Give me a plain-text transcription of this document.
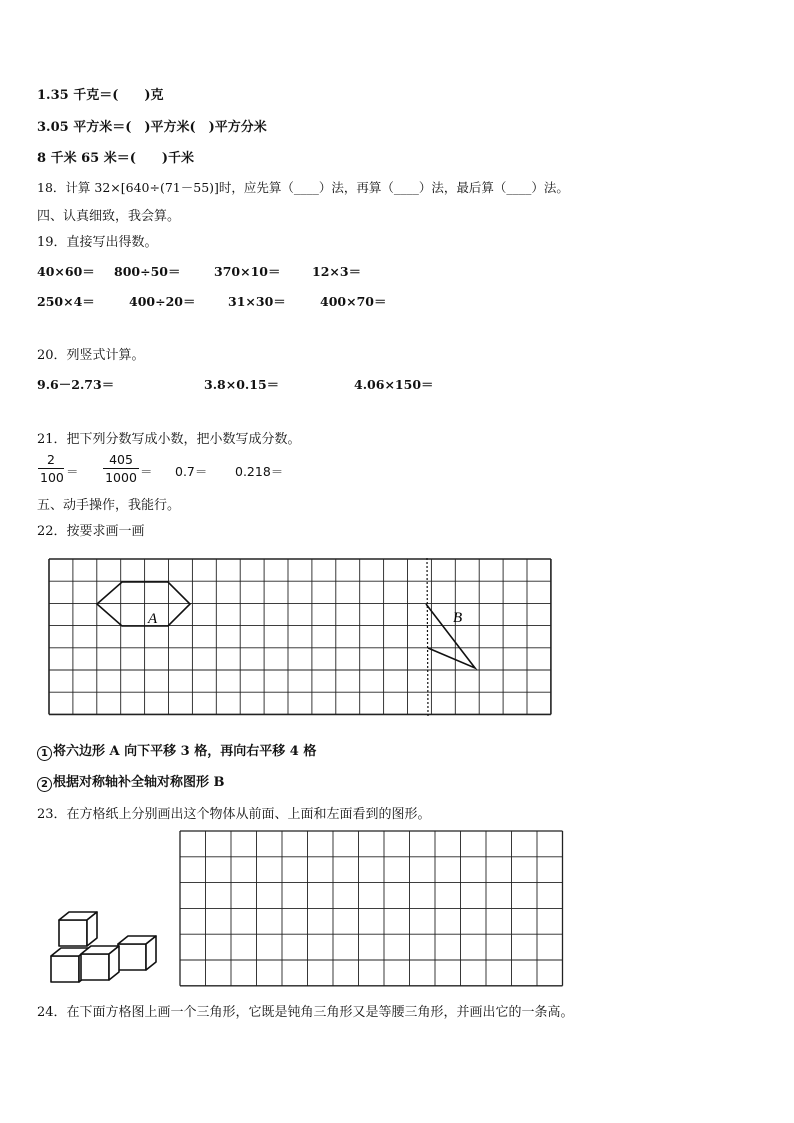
1.35 千克＝(　　)克
3.05 平方米＝(　)平方米(　)平方分米
8 千米 65 米＝(　　)千米
18．计算 32×[640÷(71－55)]时，应先算（____）法，再算（____）法，最后算（____）法。
四、认真细致，我会算。
19．直接写出得数。
40×60＝ 800÷50＝	370×10＝	12×3＝
250×4＝	400÷20＝	31×30＝	400×70＝
20．列竖式计算。
9.6－2.73＝	3.8×0.15＝	4.06×150＝
21．把下列分数写成小数，把小数写成分数。
2
100 ＝
405
1000 ＝ 0.7＝ 0.218＝
五、动手操作，我能行。
22．按要求画一画
A	B
1 将六边形 A 向下平移 3 格，再向右平移 4 格
2 根据对称轴补全轴对称图形 B
23．在方格纸上分别画出这个物体从前面、上面和左面看到的图形。
24．在下面方格图上画一个三角形，它既是钝角三角形又是等腰三角形，并画出它的一条高。
